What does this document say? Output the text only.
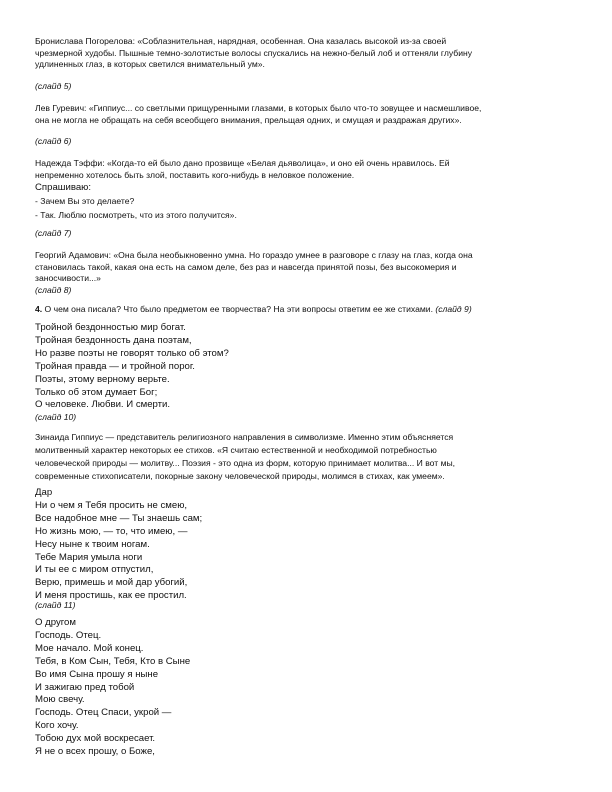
Бронислава Погорелова: «Соблазнительная, нарядная, особенная. Она казалась высокой из-за своей
чрезмерной худобы. Пышные темно-золотистые волосы спускались на нежно-белый лоб и оттеняли глубину
удлиненных глаз, в которых светился внимательный ум».
(слайд 5)
Лев Гуревич: «Гиппиус... со светлыми прищуренными глазами, в которых было что-то зовущее и насмешливое,
она не могла не обращать на себя всеобщего внимания, прельщая одних, и смущая и раздражая других».
(слайд 6)
Надежда Тэффи: «Когда-то ей было дано прозвище «Белая дьяволица», и оно ей очень нравилось. Ей
непременно хотелось быть злой, поставить кого-нибудь в неловкое положение.
Спрашиваю:
- Зачем Вы это делаете?
- Так. Люблю посмотреть, что из этого получится».
(слайд 7)
Георгий Адамович: «Она была необыкновенно умна. Но гораздо умнее в разговоре с глазу на глаз, когда она
становилась такой, какая она есть на самом деле, без раз и навсегда принятой позы, без высокомерия и
заносчивости...»
(слайд 8)
4. О чем она писала? Что было предметом ее творчества? На эти вопросы ответим ее же стихами. (слайд 9)
Тройной бездонностью мир богат.
Тройная бездонность дана поэтам,
Но разве поэты не говорят только об этом?
Тройная правда — и тройной порог.
Поэты, этому верному верьте.
Только об этом думает Бог;
О человеке. Любви. И смерти.
(слайд 10)
Зинаида Гиппиус — представитель религиозного направления в символизме. Именно этим объясняется
молитвенный характер некоторых ее стихов. «Я считаю естественной и необходимой потребностью
человеческой природы — молитву... Поэзия - это одна из форм, которую принимает молитва... И вот мы,
современные стихописатели, покорные закону человеческой природы, молимся в стихах, как умеем».
Дар
Ни о чем я Тебя просить не смею,
Все надобное мне — Ты знаешь сам;
Но жизнь мою, — то, что имею, —
Несу ныне к твоим ногам.
Тебе Мария умыла ноги
И ты ее с миром отпустил,
Верю, примешь и мой дар убогий,
И меня простишь, как ее простил.
(слайд 11)
О другом
Господь. Отец.
Мое начало. Мой конец.
Тебя, в Ком Сын, Тебя, Кто в Сыне
Во имя Сына прошу я ныне
И зажигаю пред тобой
Мою свечу.
Господь. Отец Спаси, укрой —
Кого хочу.
Тобою дух мой воскресает.
Я не о всех прошу, о Боже,
